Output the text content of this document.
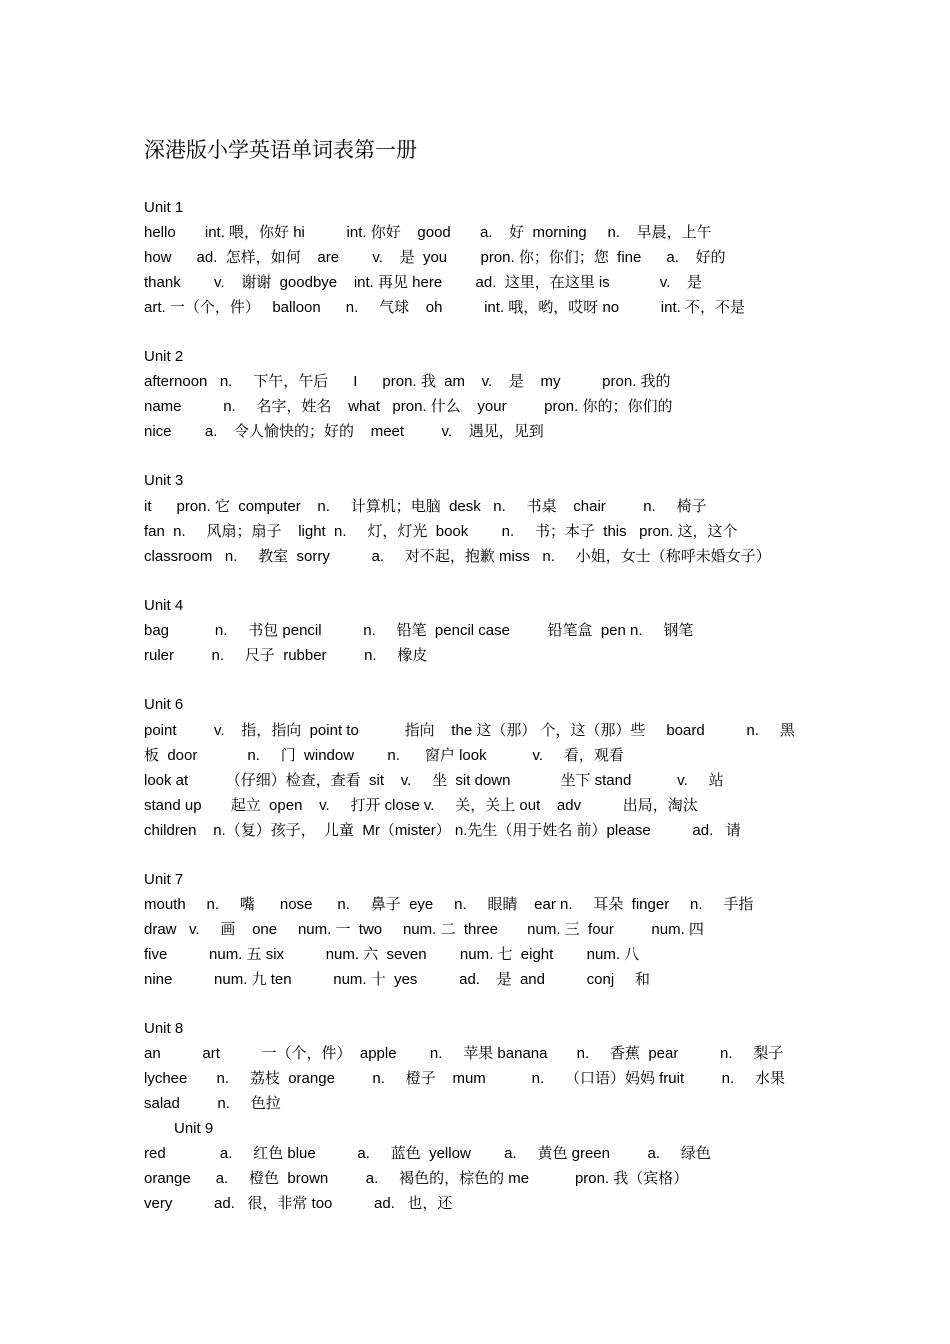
深港版小学英语单词表第一册
Unit 1
hello       int. 喂，你好 hi          int. 你好    good       a.    好  morning     n.    早晨，上午
how      ad.  怎样，如何    are        v.    是  you        pron. 你；你们；您  fine      a.    好的
thank        v.    谢谢  goodbye    int. 再见 here        ad.  这里，在这里 is            v.    是
art. 一（个，件）   balloon      n.     气球    oh          int. 哦，哟，哎呀 no          int. 不，不是
Unit 2
afternoon   n.     下午，午后      I      pron. 我  am    v.    是    my          pron. 我的
name          n.     名字，姓名    what   pron. 什么    your         pron. 你的；你们的
nice        a.    令人愉快的；好的    meet         v.    遇见，见到
Unit 3
it      pron. 它  computer    n.     计算机；电脑  desk   n.     书桌    chair         n.     椅子
fan  n.     风扇；扇子    light  n.     灯，灯光  book        n.     书；本子  this   pron. 这，这个
classroom   n.     教室  sorry          a.     对不起，抱歉 miss   n.     小姐，女士（称呼未婚女子）
Unit 4
bag           n.     书包 pencil          n.     铅笔  pencil case         铅笔盒  pen n.     钢笔
ruler         n.     尺子  rubber         n.     橡皮
Unit 6
point         v.    指，指向  point to           指向    the 这（那） 个，这（那）些     board          n.     黑
板  door            n.     门  window        n.      窗户 look           v.     看，观看
look at         （仔细）检查，查看  sit    v.     坐  sit down            坐下 stand           v.     站
stand up       起立  open    v.     打开 close v.     关，关上 out    adv          出局，淘汰
children    n.（复）孩子，  儿童  Mr（mister） n.先生（用于姓名 前）please          ad.   请
Unit 7
mouth     n.     嘴      nose      n.     鼻子  eye     n.     眼睛    ear n.     耳朵  finger     n.     手指
draw   v.     画    one     num. 一  two     num. 二  three       num. 三  four         num. 四
five          num. 五 six          num. 六  seven        num. 七  eight        num. 八
nine          num. 九 ten          num. 十  yes          ad.    是  and          conj     和
Unit 8
an          art          一（个，件）  apple        n.     苹果 banana       n.     香蕉  pear          n.     梨子
lychee       n.     荔枝  orange         n.     橙子    mum           n.     （口语）妈妈 fruit         n.     水果
salad         n.     色拉
Unit 9
red             a.     红色 blue          a.     蓝色  yellow        a.     黄色 green         a.     绿色
orange      a.     橙色  brown         a.     褐色的，棕色的 me           pron. 我（宾格）
very          ad.   很，非常 too          ad.   也，还
